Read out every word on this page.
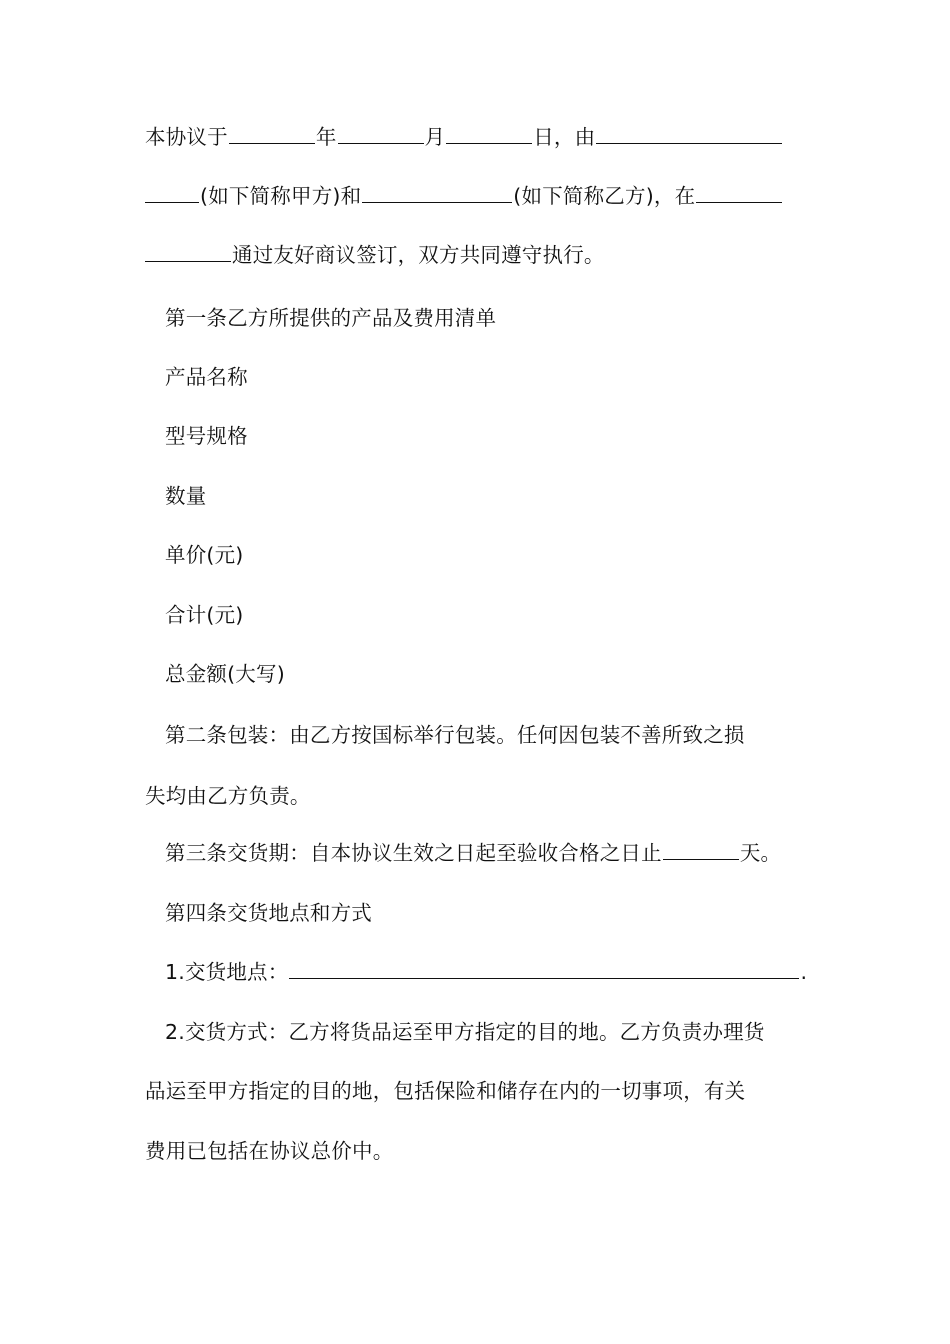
本协议于	年	月	日，由
(如下简称甲方)和	(如下简称乙方)，在
通过友好商议签订，双方共同遵守执行。
第一条乙方所提供的产品及费用清单
产品名称
型号规格
数量
单价(元)
合计(元)
总金额(大写)
第二条包装：由乙方按国标举行包装。任何因包装不善所致之损
失均由乙方负责。
第三条交货期：自本协议生效之日起至验收合格之日止	天。
第四条交货地点和方式
1.交货地点：	.
2.交货方式：乙方将货品运至甲方指定的目的地。乙方负责办理货
品运至甲方指定的目的地，包括保险和储存在内的一切事项，有关
费用已包括在协议总价中。
